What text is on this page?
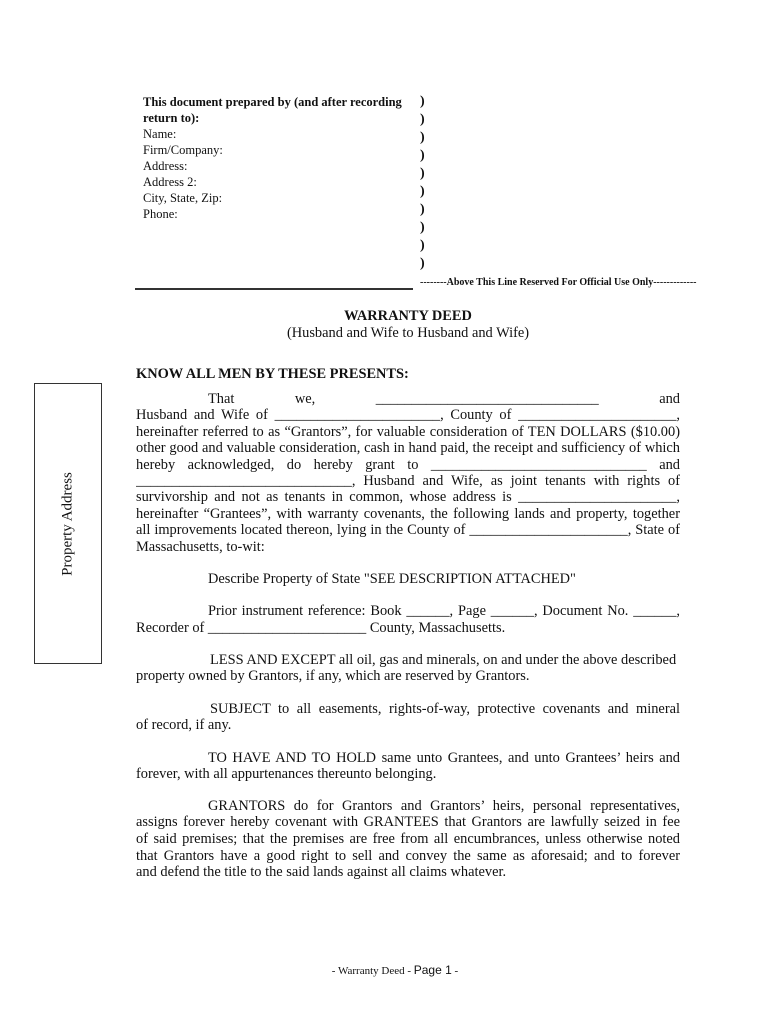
This document prepared by (and after recording
return to):
Name:
Firm/Company:
Address:
Address 2:
City, State, Zip:
Phone:
)
)
)
)
)
)
)
)
)
)
--------Above This Line Reserved For Official Use Only-------------
WARRANTY DEED
(Husband and Wife to Husband and Wife)
KNOW ALL MEN BY THESE PRESENTS:
Property Address
That we, _______________________________ and
Husband and Wife of _______________________, County of ______________________,
hereinafter referred to as “Grantors”, for valuable consideration of TEN DOLLARS ($10.00)
other good and valuable consideration, cash in hand paid, the receipt and sufficiency of which
hereby acknowledged, do hereby grant to ______________________________ and
______________________________, Husband and Wife, as joint tenants with rights of
survivorship and not as tenants in common, whose address is ______________________,
hereinafter “Grantees”, with warranty covenants, the following lands and property, together
all improvements located thereon, lying in the County of ______________________, State of
Massachusetts, to-wit:
Describe Property of State "SEE DESCRIPTION ATTACHED"
Prior instrument reference: Book ______, Page ______, Document No. ______,
Recorder of ______________________ County, Massachusetts.
LESS AND EXCEPT all oil, gas and minerals, on and under the above described
property owned by Grantors, if any, which are reserved by Grantors.
SUBJECT to all easements, rights-of-way, protective covenants and mineral
of record, if any.
TO HAVE AND TO HOLD same unto Grantees, and unto Grantees’ heirs and
forever, with all appurtenances thereunto belonging.
GRANTORS do for Grantors and Grantors’ heirs, personal representatives,
assigns forever hereby covenant with GRANTEES that Grantors are lawfully seized in fee
of said premises; that the premises are free from all encumbrances, unless otherwise noted
that Grantors have a good right to sell and convey the same as aforesaid; and to forever
and defend the title to the said lands against all claims whatever.
- Warranty Deed - Page 1 -
